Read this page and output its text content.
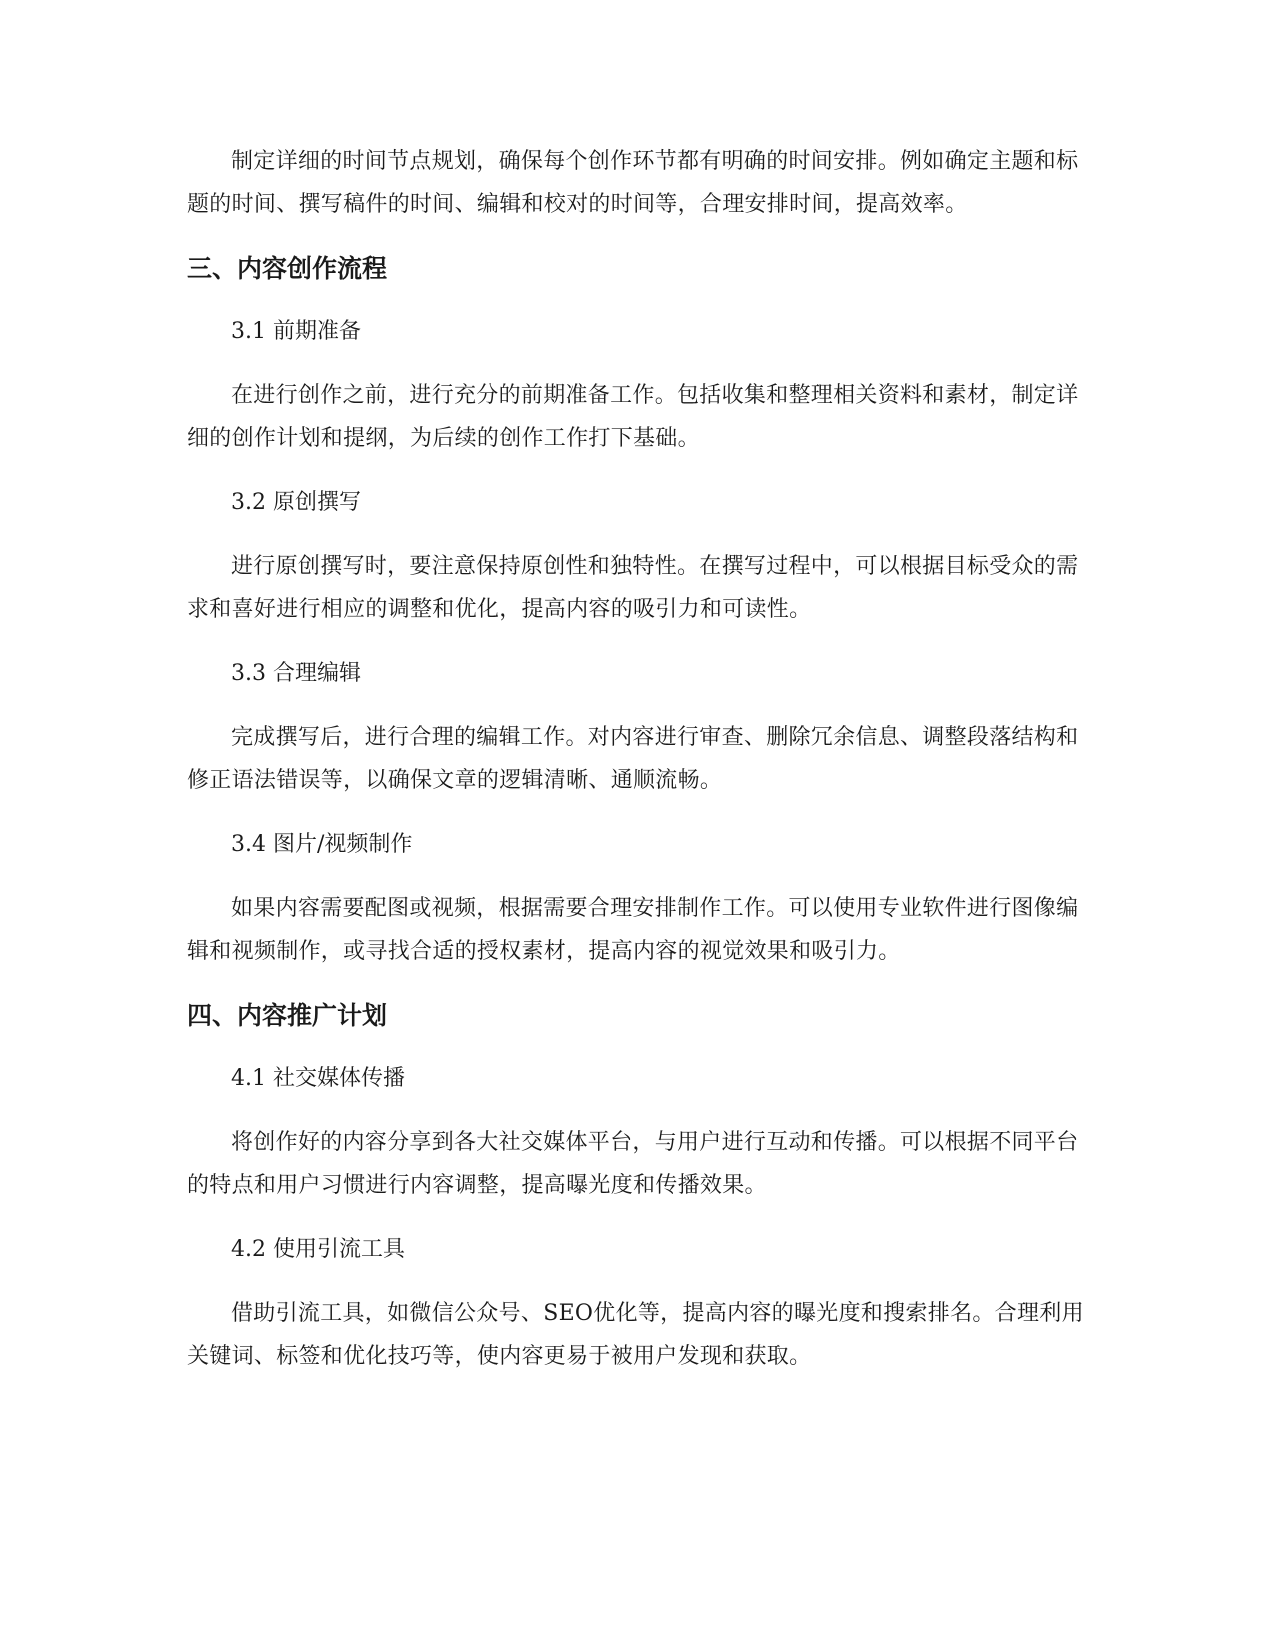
制定详细的时间节点规划，确保每个创作环节都有明确的时间安排。例如确定主题和标题的时间、撰写稿件的时间、编辑和校对的时间等，合理安排时间，提高效率。

三、内容创作流程

3.1 前期准备

在进行创作之前，进行充分的前期准备工作。包括收集和整理相关资料和素材，制定详细的创作计划和提纲，为后续的创作工作打下基础。

3.2 原创撰写

进行原创撰写时，要注意保持原创性和独特性。在撰写过程中，可以根据目标受众的需求和喜好进行相应的调整和优化，提高内容的吸引力和可读性。

3.3 合理编辑

完成撰写后，进行合理的编辑工作。对内容进行审查、删除冗余信息、调整段落结构和修正语法错误等，以确保文章的逻辑清晰、通顺流畅。

3.4 图片/视频制作

如果内容需要配图或视频，根据需要合理安排制作工作。可以使用专业软件进行图像编辑和视频制作，或寻找合适的授权素材，提高内容的视觉效果和吸引力。

四、内容推广计划

4.1 社交媒体传播

将创作好的内容分享到各大社交媒体平台，与用户进行互动和传播。可以根据不同平台的特点和用户习惯进行内容调整，提高曝光度和传播效果。

4.2 使用引流工具

借助引流工具，如微信公众号、SEO优化等，提高内容的曝光度和搜索排名。合理利用关键词、标签和优化技巧等，使内容更易于被用户发现和获取。
